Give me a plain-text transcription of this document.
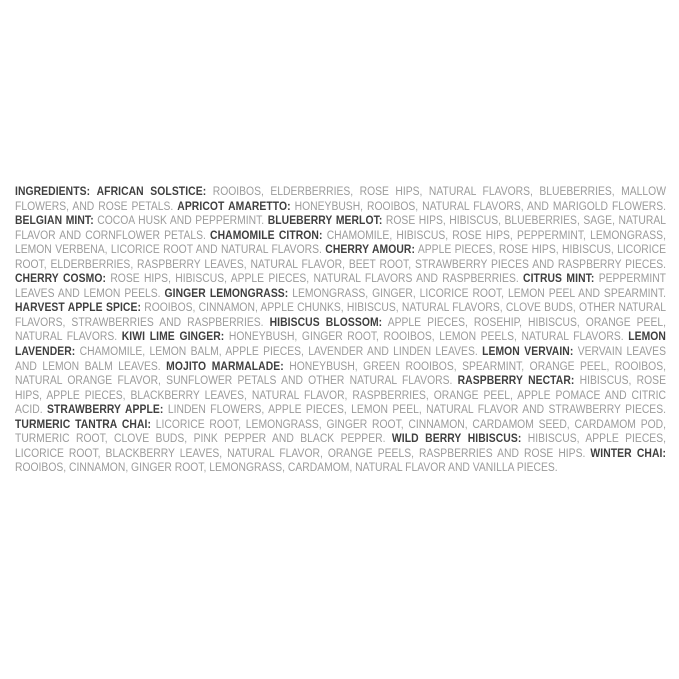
INGREDIENTS: AFRICAN SOLSTICE: ROOIBOS, ELDERBERRIES, ROSE HIPS, NATURAL FLAVORS, BLUEBERRIES, MALLOW FLOWERS, AND ROSE PETALS. APRICOT AMARETTO: HONEYBUSH, ROOIBOS, NATURAL FLAVORS, AND MARIGOLD FLOWERS. BELGIAN MINT: COCOA HUSK AND PEPPERMINT. BLUEBERRY MERLOT: ROSE HIPS, HIBISCUS, BLUEBERRIES, SAGE, NATURAL FLAVOR AND CORNFLOWER PETALS. CHAMOMILE CITRON: CHAMOMILE, HIBISCUS, ROSE HIPS, PEPPERMINT, LEMONGRASS, LEMON VERBENA, LICORICE ROOT AND NATURAL FLAVORS. CHERRY AMOUR: APPLE PIECES, ROSE HIPS, HIBISCUS, LICORICE ROOT, ELDERBERRIES, RASPBERRY LEAVES, NATURAL FLAVOR, BEET ROOT, STRAWBERRY PIECES AND RASPBERRY PIECES. CHERRY COSMO: ROSE HIPS, HIBISCUS, APPLE PIECES, NATURAL FLAVORS AND RASPBERRIES. CITRUS MINT: PEPPERMINT LEAVES AND LEMON PEELS. GINGER LEMONGRASS: LEMONGRASS, GINGER, LICORICE ROOT, LEMON PEEL AND SPEARMINT. HARVEST APPLE SPICE: ROOIBOS, CINNAMON, APPLE CHUNKS, HIBISCUS, NATURAL FLAVORS, CLOVE BUDS, OTHER NATURAL FLAVORS, STRAWBERRIES AND RASPBERRIES. HIBISCUS BLOSSOM: APPLE PIECES, ROSEHIP, HIBISCUS, ORANGE PEEL, NATURAL FLAVORS. KIWI LIME GINGER: HONEYBUSH, GINGER ROOT, ROOIBOS, LEMON PEELS, NATURAL FLAVORS. LEMON LAVENDER: CHAMOMILE, LEMON BALM, APPLE PIECES, LAVENDER AND LINDEN LEAVES. LEMON VERVAIN: VERVAIN LEAVES AND LEMON BALM LEAVES. MOJITO MARMALADE: HONEYBUSH, GREEN ROOIBOS, SPEARMINT, ORANGE PEEL, ROOIBOS, NATURAL ORANGE FLAVOR, SUNFLOWER PETALS AND OTHER NATURAL FLAVORS. RASPBERRY NECTAR: HIBISCUS, ROSE HIPS, APPLE PIECES, BLACKBERRY LEAVES, NATURAL FLAVOR, RASPBERRIES, ORANGE PEEL, APPLE POMACE AND CITRIC ACID. STRAWBERRY APPLE: LINDEN FLOWERS, APPLE PIECES, LEMON PEEL, NATURAL FLAVOR AND STRAWBERRY PIECES. TURMERIC TANTRA CHAI: LICORICE ROOT, LEMONGRASS, GINGER ROOT, CINNAMON, CARDAMOM SEED, CARDAMOM POD, TURMERIC ROOT, CLOVE BUDS, PINK PEPPER AND BLACK PEPPER. WILD BERRY HIBISCUS: HIBISCUS, APPLE PIECES, LICORICE ROOT, BLACKBERRY LEAVES, NATURAL FLAVOR, ORANGE PEELS, RASPBERRIES AND ROSE HIPS. WINTER CHAI: ROOIBOS, CINNAMON, GINGER ROOT, LEMONGRASS, CARDAMOM, NATURAL FLAVOR AND VANILLA PIECES.
